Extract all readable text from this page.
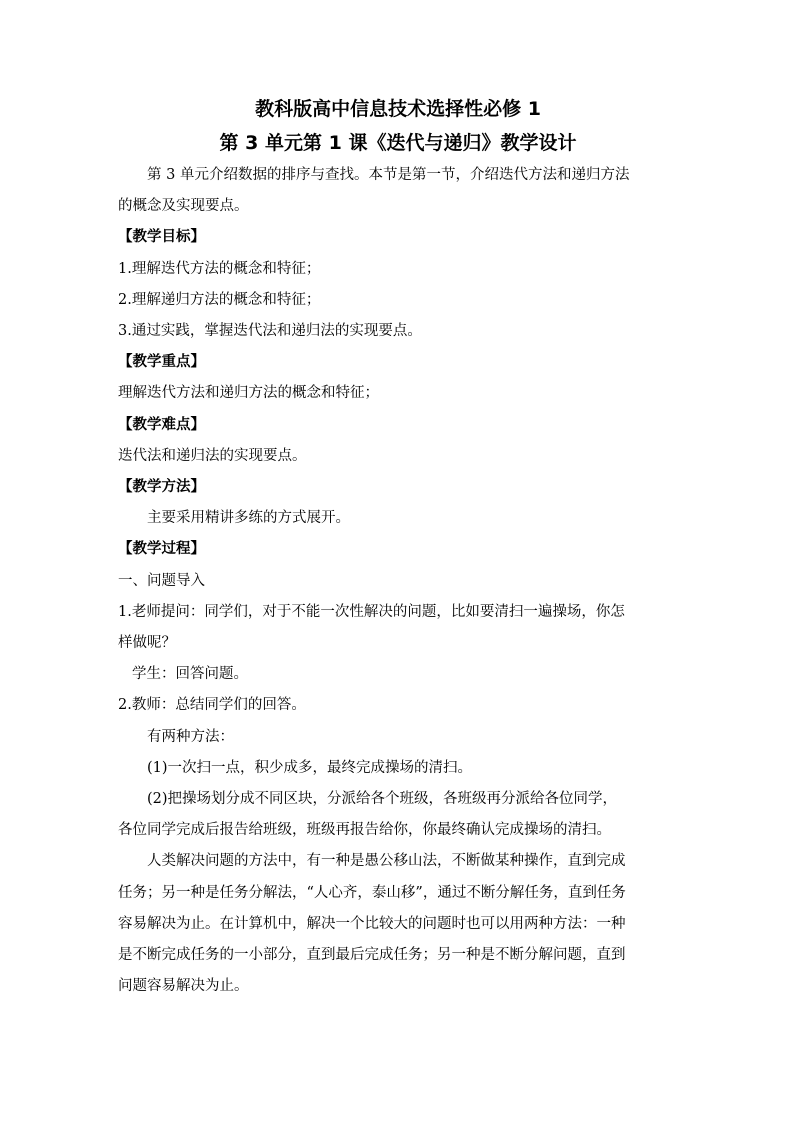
教科版高中信息技术选择性必修 1
第 3 单元第 1 课《迭代与递归》教学设计

第 3 单元介绍数据的排序与查找。本节是第一节，介绍迭代方法和递归方法
的概念及实现要点。

【教学目标】

1.理解迭代方法的概念和特征；

2.理解递归方法的概念和特征；

3.通过实践，掌握迭代法和递归法的实现要点。

【教学重点】

理解迭代方法和递归方法的概念和特征；

【教学难点】

迭代法和递归法的实现要点。

【教学方法】

主要采用精讲多练的方式展开。

【教学过程】

一、问题导入

1.老师提问：同学们，对于不能一次性解决的问题，比如要清扫一遍操场，你怎
样做呢？

学生：回答问题。

2.教师：总结同学们的回答。

有两种方法：

(1)一次扫一点，积少成多，最终完成操场的清扫。

(2)把操场划分成不同区块，分派给各个班级，各班级再分派给各位同学，
各位同学完成后报告给班级，班级再报告给你，你最终确认完成操场的清扫。

人类解决问题的方法中，有一种是愚公移山法，不断做某种操作，直到完成
任务；另一种是任务分解法，“人心齐，泰山移”，通过不断分解任务，直到任务
容易解决为止。在计算机中，解决一个比较大的问题时也可以用两种方法：一种
是不断完成任务的一小部分，直到最后完成任务；另一种是不断分解问题，直到
问题容易解决为止。
